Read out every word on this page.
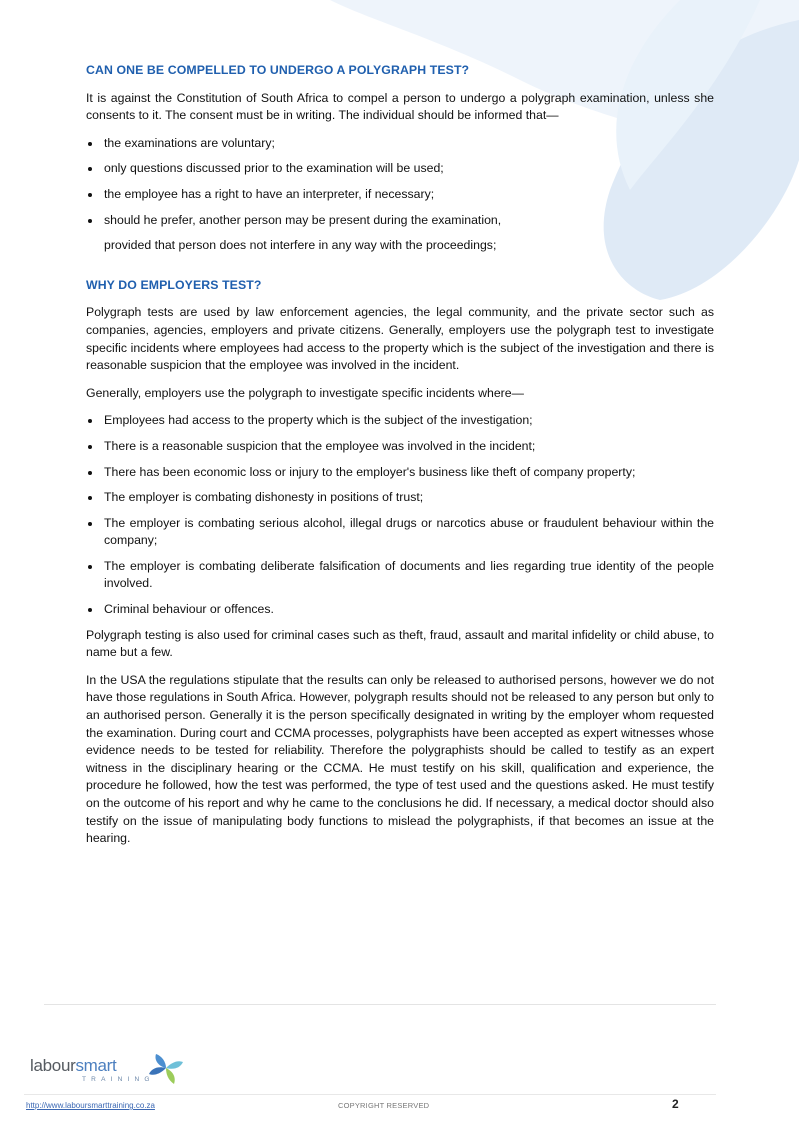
CAN ONE BE COMPELLED TO UNDERGO A POLYGRAPH TEST?

It is against the Constitution of South Africa to compel a person to undergo a polygraph examination, unless she consents to it. The consent must be in writing. The individual should be informed that—

the examinations are voluntary;
only questions discussed prior to the examination will be used;
the employee has a right to have an interpreter, if necessary;
should he prefer, another person may be present during the examination,
provided that person does not interfere in any way with the proceedings;
WHY DO EMPLOYERS TEST?

Polygraph tests are used by law enforcement agencies, the legal community, and the private sector such as companies, agencies, employers and private citizens. Generally, employers use the polygraph test to investigate specific incidents where employees had access to the property which is the subject of the investigation and there is reasonable suspicion that the employee was involved in the incident.

Generally, employers use the polygraph to investigate specific incidents where—

Employees had access to the property which is the subject of the investigation;
There is a reasonable suspicion that the employee was involved in the incident;
There has been economic loss or injury to the employer's business like theft of company property;
The employer is combating dishonesty in positions of trust;
The employer is combating serious alcohol, illegal drugs or narcotics abuse or fraudulent behaviour within the company;
The employer is combating deliberate falsification of documents and lies regarding true identity of the people involved.
Criminal behaviour or offences.

Polygraph testing is also used for criminal cases such as theft, fraud, assault and marital infidelity or child abuse, to name but a few.

In the USA the regulations stipulate that the results can only be released to authorised persons, however we do not have those regulations in South Africa. However, polygraph results should not be released to any person but only to an authorised person. Generally it is the person specifically designated in writing by the employer whom requested the examination. During court and CCMA processes, polygraphists have been accepted as expert witnesses whose evidence needs to be tested for reliability. Therefore the polygraphists should be called to testify as an expert witness in the disciplinary hearing or the CCMA. He must testify on his skill, qualification and experience, the procedure he followed, how the test was performed, the type of test used and the questions asked. He must testify on the outcome of his report and why he came to the conclusions he did. If necessary, a medical doctor should also testify on the issue of manipulating body functions to mislead the polygraphists, if that becomes an issue at the hearing.

laboursmart
TRAINING
http://www.laboursmarttraining.co.za	COPYRIGHT RESERVED	2
